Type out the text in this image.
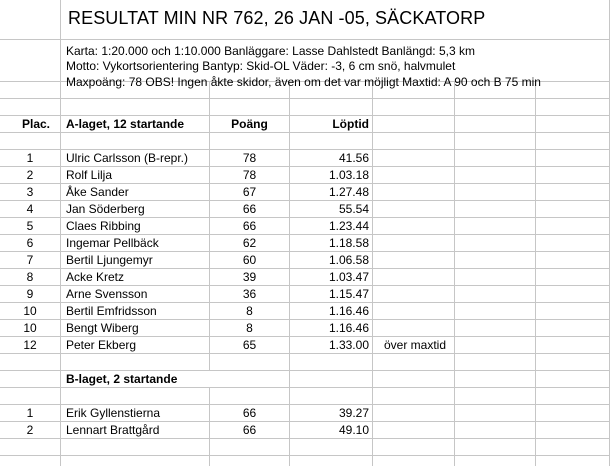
RESULTAT MIN NR 762, 26 JAN -05, SÄCKATORP
Karta: 1:20.000 och 1:10.000 Banläggare: Lasse Dahlstedt Banlängd: 5,3 km
Motto: Vykortsorientering Bantyp: Skid-OL Väder: -3, 6 cm snö, halvmulet
Maxpoäng: 78 OBS! Ingen åkte skidor, även om det var möjligt Maxtid: A 90 och B 75 min
Plac. A-laget, 12 startande	Poäng	Löptid
1	Ulric Carlsson (B-repr.)	78	41.56
2	Rolf Lilja	78	1.03.18
3	Åke Sander	67	1.27.48
4	Jan Söderberg	66	55.54
5	Claes Ribbing	66	1.23.44
6	Ingemar Pellbäck	62	1.18.58
7	Bertil Ljungemyr	60	1.06.58
8	Acke Kretz	39	1.03.47
9	Arne Svensson	36	1.15.47
10	Bertil Emfridsson	8	1.16.46
10	Bengt Wiberg	8	1.16.46
12	Peter Ekberg	65	1.33.00 över maxtid
B-laget, 2 startande
1	Erik Gyllenstierna	66	39.27
2	Lennart Brattgård	66	49.10
